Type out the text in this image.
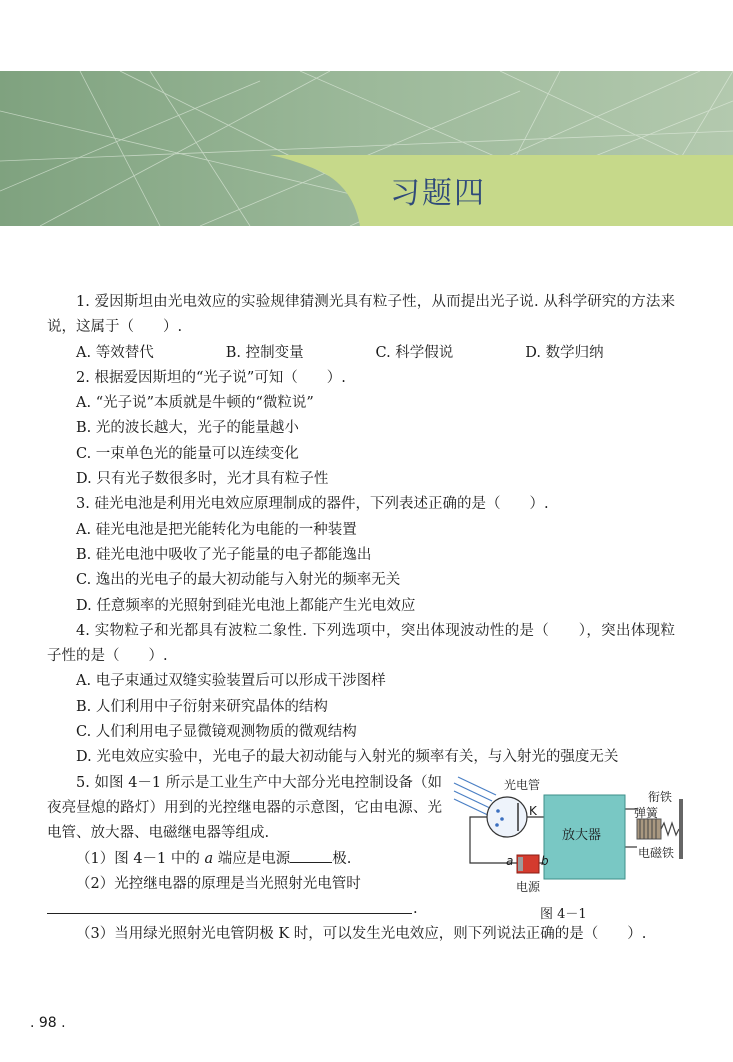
习题四

1. 爱因斯坦由光电效应的实验规律猜测光具有粒子性，从而提出光子说. 从科学研究的方法来说，这属于（　　）.

A. 等效替代	B. 控制变量	C. 科学假说	D. 数学归纳

2. 根据爱因斯坦的“光子说”可知（　　）.

A. “光子说”本质就是牛顿的“微粒说”

B. 光的波长越大，光子的能量越小

C. 一束单色光的能量可以连续变化

D. 只有光子数很多时，光才具有粒子性

3. 硅光电池是利用光电效应原理制成的器件，下列表述正确的是（　　）.

A. 硅光电池是把光能转化为电能的一种装置

B. 硅光电池中吸收了光子能量的电子都能逸出

C. 逸出的光电子的最大初动能与入射光的频率无关

D. 任意频率的光照射到硅光电池上都能产生光电效应

4. 实物粒子和光都具有波粒二象性. 下列选项中，突出体现波动性的是（　　），突出体现粒子性的是（　　）.

A. 电子束通过双缝实验装置后可以形成干涉图样

B. 人们利用中子衍射来研究晶体的结构

C. 人们利用电子显微镜观测物质的微观结构

D. 光电效应实验中，光电子的最大初动能与入射光的频率有关，与入射光的强度无关

5. 如图 4－1 所示是工业生产中大部分光电控制设备（如夜亮昼熄的路灯）用到的光控继电器的示意图，它由电源、光电管、放大器、电磁继电器等组成.

（1）图 4－1 中的 a 端应是电源	极.

（2）光控继电器的原理是当光照射光电管时

.
光电管
K
放大器
衔铁
弹簧
电磁铁
a b
电源
图 4－1

（3）当用绿光照射光电管阴极 K 时，可以发生光电效应，则下列说法正确的是（　　）.

. 98 .
